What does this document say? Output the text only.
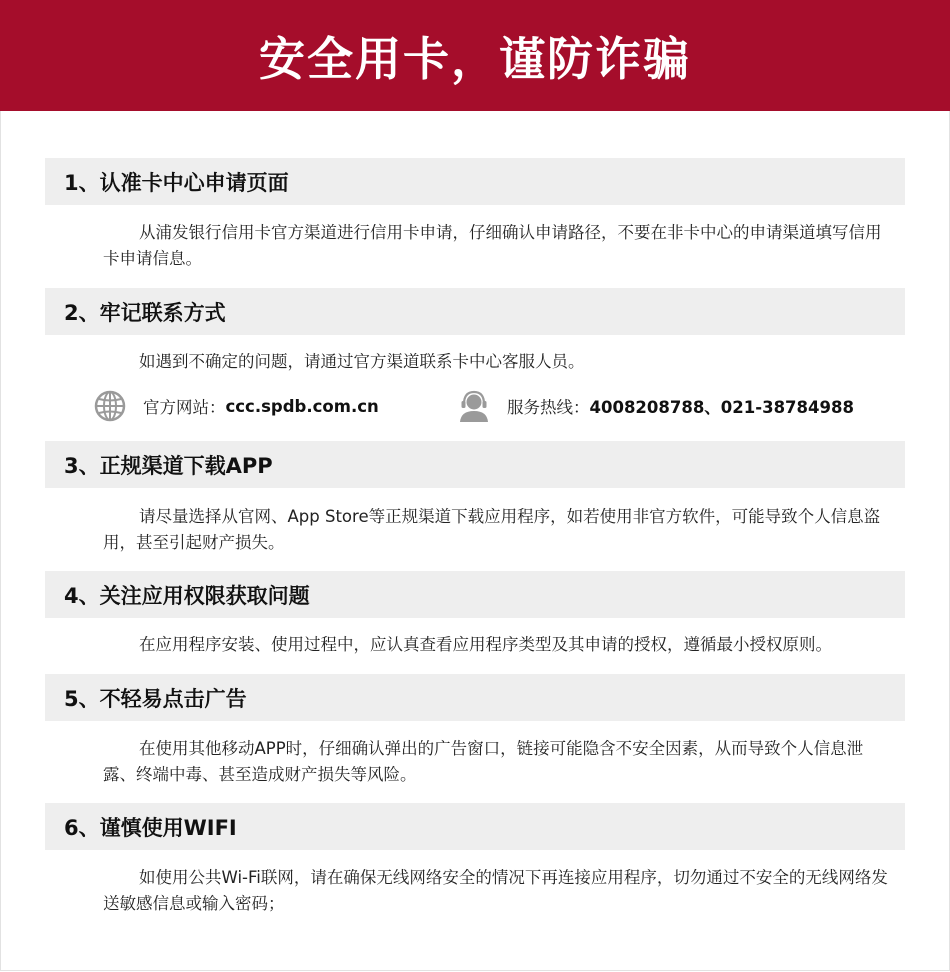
安全用卡，谨防诈骗
1、认准卡中心申请页面
从浦发银行信用卡官方渠道进行信用卡申请，仔细确认申请路径，不要在非卡中心的申请渠道填写信用卡申请信息。
2、牢记联系方式
如遇到不确定的问题，请通过官方渠道联系卡中心客服人员。
官方网站： ccc.spdb.com.cn	服务热线： 4008208788、021-38784988
3、正规渠道下载APP
请尽量选择从官网、App Store等正规渠道下载应用程序，如若使用非官方软件，可能导致个人信息盗用，甚至引起财产损失。
4、关注应用权限获取问题
在应用程序安装、使用过程中，应认真查看应用程序类型及其申请的授权，遵循最小授权原则。
5、不轻易点击广告
在使用其他移动APP时，仔细确认弹出的广告窗口，链接可能隐含不安全因素，从而导致个人信息泄露、终端中毒、甚至造成财产损失等风险。
6、谨慎使用WIFI
如使用公共Wi-Fi联网，请在确保无线网络安全的情况下再连接应用程序，切勿通过不安全的无线网络发送敏感信息或输入密码；
